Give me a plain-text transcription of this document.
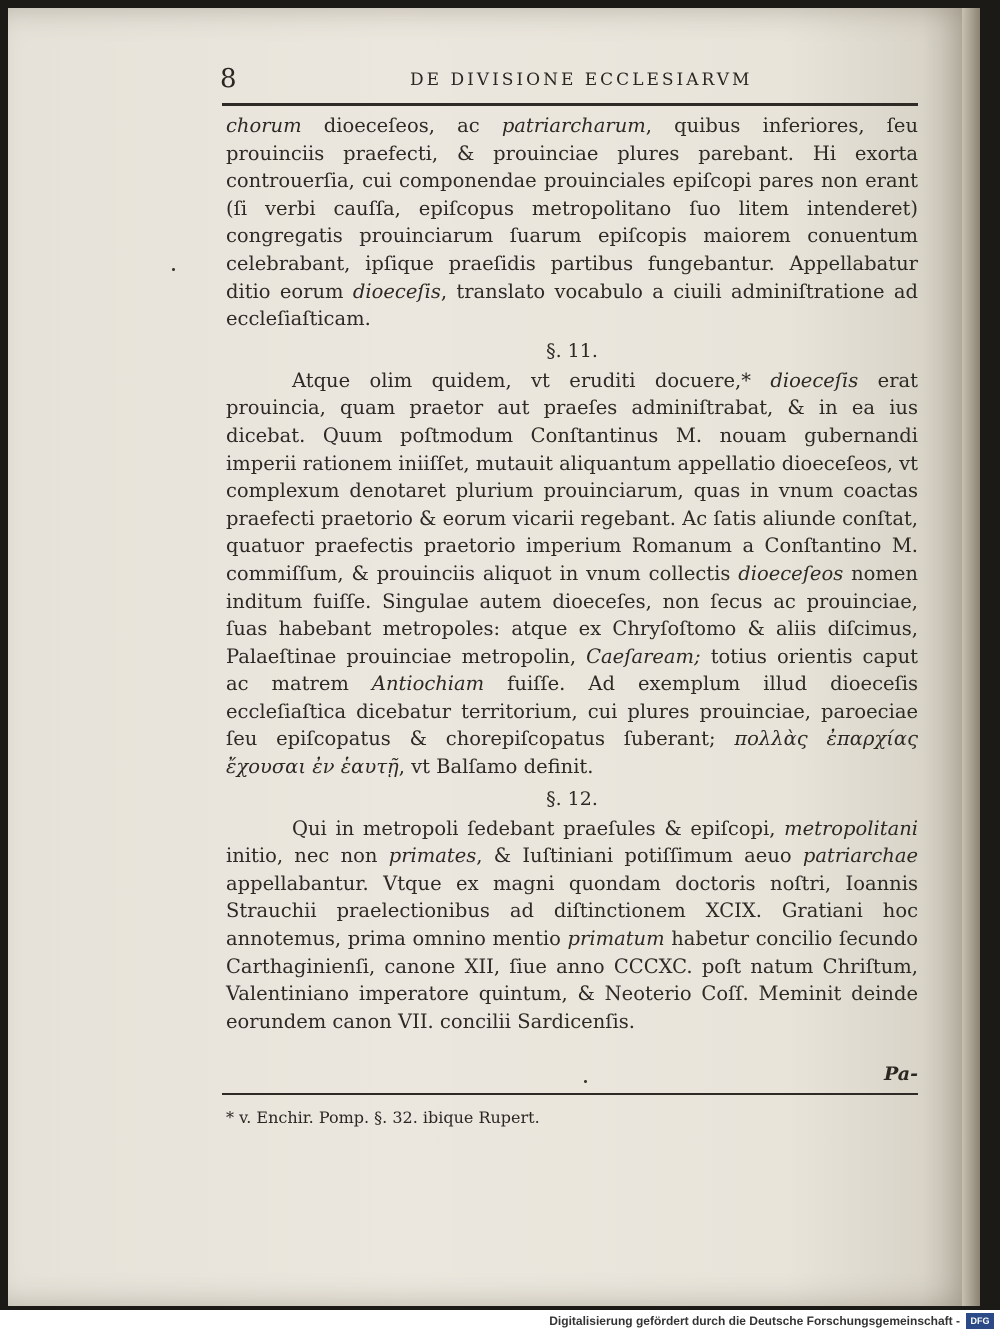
8	DE DIVISIONE ECCLESIARVM

chorum dioeceſeos, ac patriarcharum, quibus inferiores, ſeu prouinciis praefecti, & prouinciae plures parebant. Hi exorta controuerſia, cui componendae prouinciales epiſcopi pares non erant (ſi verbi cauſſa, epiſcopus metropolitano ſuo litem intenderet) congregatis prouinciarum ſuarum epiſcopis maiorem conuentum celebrabant, ipſique praeſidis partibus fungebantur. Appellabatur ditio eorum dioeceſis, translato vocabulo a ciuili adminiſtratione ad eccleſiaſticam.

§. 11.

Atque olim quidem, vt eruditi docuere,* dioeceſis erat prouincia, quam praetor aut praeſes adminiſtrabat, & in ea ius dicebat. Quum poſtmodum Conſtantinus M. nouam gubernandi imperii rationem iniiſſet, mutauit aliquantum appellatio dioeceſeos, vt complexum denotaret plurium prouinciarum, quas in vnum coactas praefecti praetorio & eorum vicarii regebant. Ac ſatis aliunde conſtat, quatuor praefectis praetorio imperium Romanum a Conſtantino M. commiſſum, & prouinciis aliquot in vnum collectis dioeceſeos nomen inditum fuiſſe. Singulae autem dioeceſes, non ſecus ac prouinciae, ſuas habebant metropoles: atque ex Chryſoſtomo & aliis diſcimus, Palaeſtinae prouinciae metropolin, Caeſaream; totius orientis caput ac matrem Antiochiam fuiſſe. Ad exemplum illud dioeceſis eccleſiaſtica dicebatur territorium, cui plures prouinciae, paroeciae ſeu epiſcopatus & chorepiſcopatus ſuberant; πολλὰς ἐπαρχίας ἔχουσαι ἐν ἑαυτῇ, vt Balſamo definit.

§. 12.

Qui in metropoli ſedebant praeſules & epiſcopi, metropolitani initio, nec non primates, & Iuſtiniani potiſſimum aeuo patriarchae appellabantur. Vtque ex magni quondam doctoris noſtri, Ioannis Strauchii praelectionibus ad diſtinctionem XCIX. Gratiani hoc annotemus, prima omnino mentio primatum habetur concilio ſecundo Carthaginienſi, canone XII, ſiue anno CCCXC. poſt natum Chriſtum, Valentiniano imperatore quintum, & Neoterio Coſſ. Meminit deinde eorundem canon VII. concilii Sardicenſis.

Pa-
* v. Enchir. Pomp. §. 32. ibique Rupert.
Digitalisierung gefördert durch die Deutsche Forschungsgemeinschaft -	DFG
